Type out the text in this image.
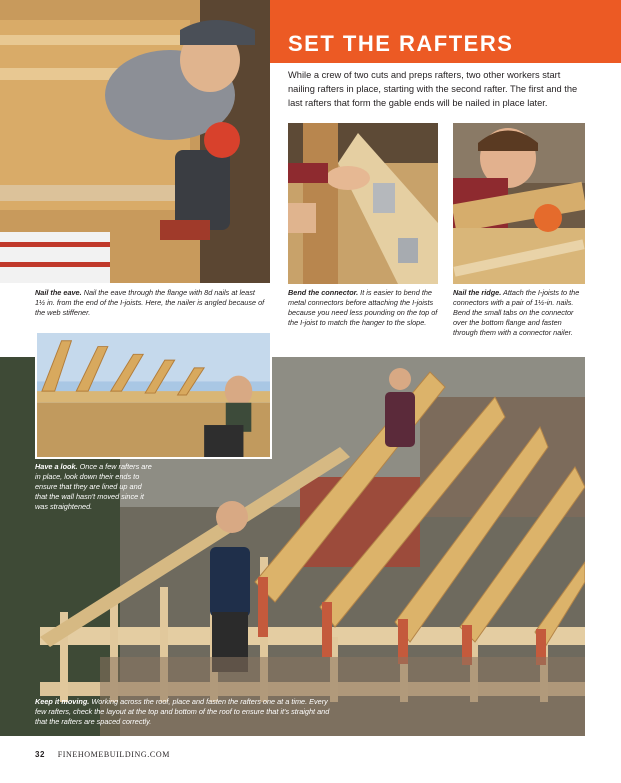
SET THE RAFTERS

While a crew of two cuts and preps rafters, two other workers start nailing rafters in place, starting with the second rafter. The first and the last rafters that form the gable ends will be nailed in place later.

Nail the eave. Nail the eave through the flange with 8d nails at least 1½ in. from the end of the I-joists. Here, the nailer is angled because of the web stiffener.

Bend the connector. It is easier to bend the metal connectors before attaching the I-joists because you need less pounding on the top of the I-joist to match the hanger to the slope.

Nail the ridge. Attach the I-joists to the connectors with a pair of 1½-in. nails. Bend the small tabs on the connector over the bottom flange and fasten through them with a connector nailer.

Have a look. Once a few rafters are in place, look down their ends to ensure that they are lined up and that the wall hasn't moved since it was straightened.

Keep it moving. Working across the roof, place and fasten the rafters one at a time. Every few rafters, check the layout at the top and bottom of the roof to ensure that it's straight and that the rafters are spaced correctly.

32 FINEHOMEBUILDING.COM
